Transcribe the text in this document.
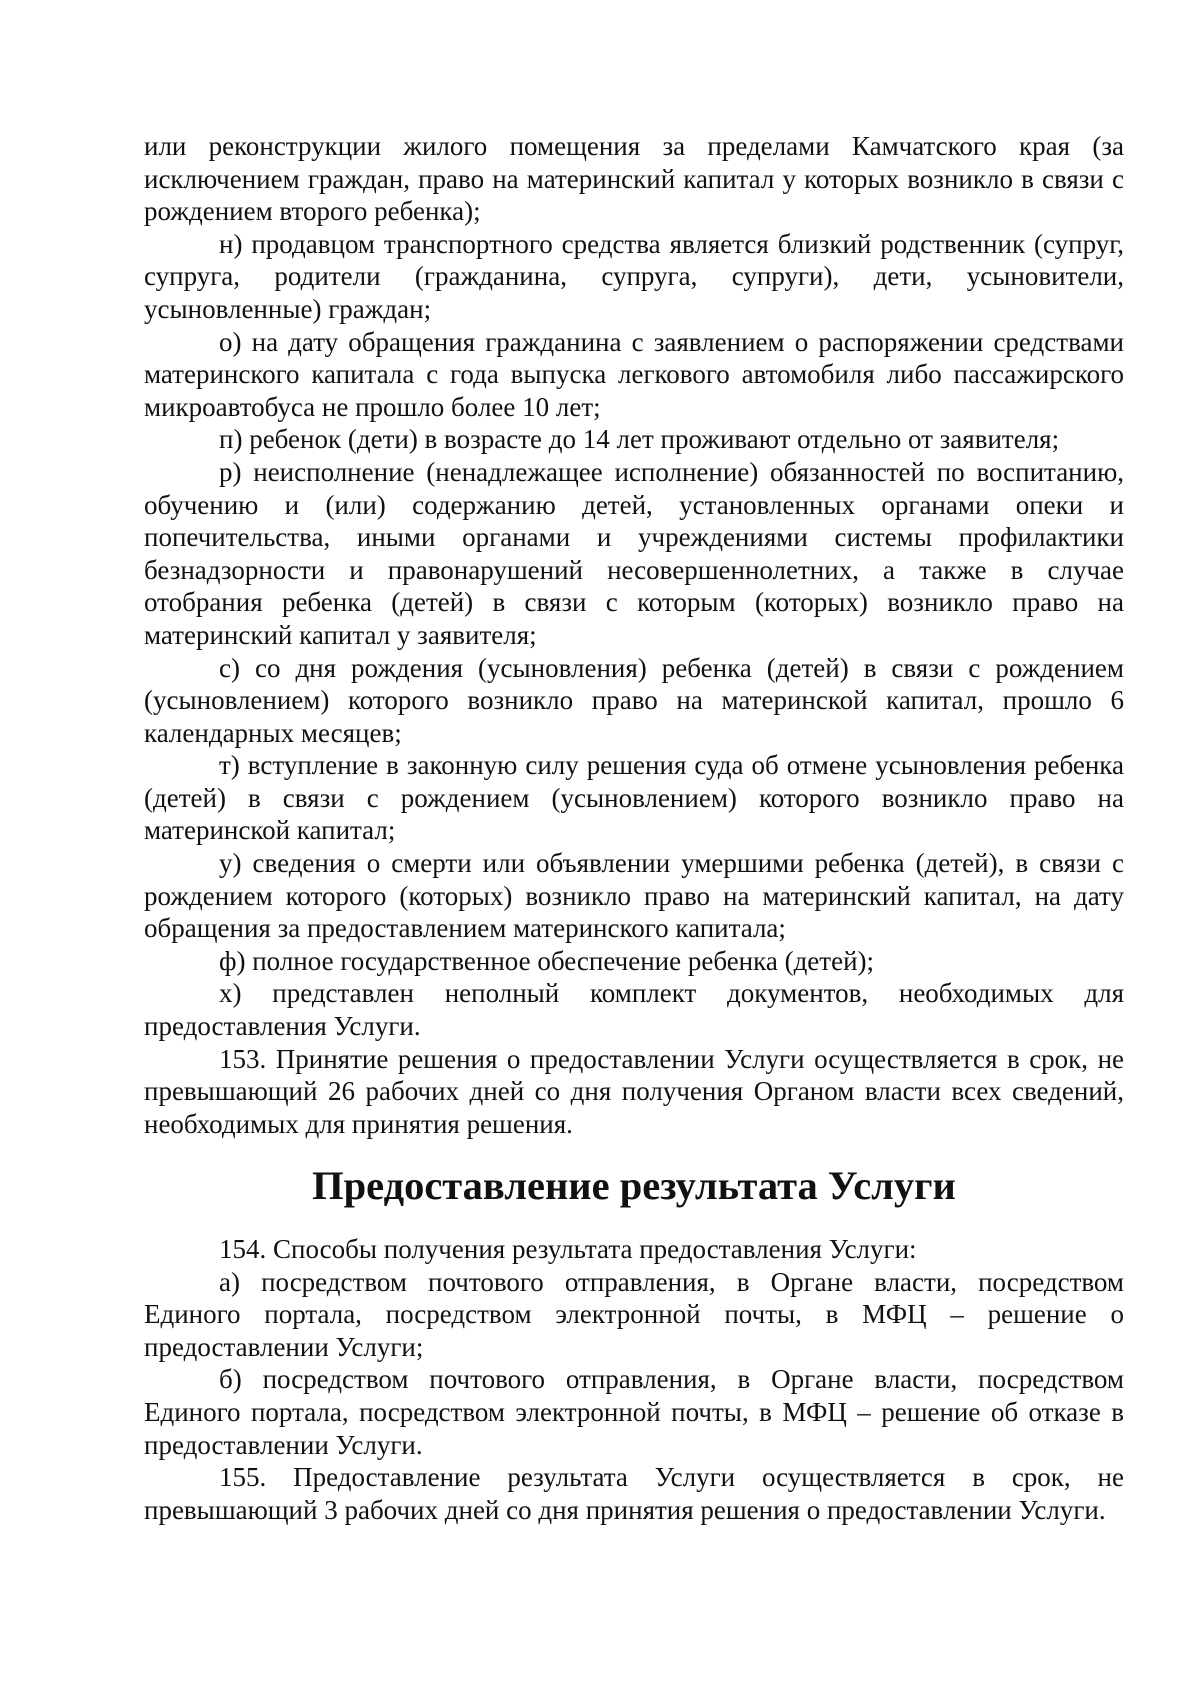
или реконструкции жилого помещения за пределами Камчатского края (за исключением граждан, право на материнский капитал у которых возникло в связи с рождением второго ребенка);

н) продавцом транспортного средства является близкий родственник (супруг, супруга, родители (гражданина, супруга, супруги), дети, усыновители, усыновленные) граждан;

о) на дату обращения гражданина с заявлением о распоряжении средствами материнского капитала с года выпуска легкового автомобиля либо пассажирского микроавтобуса не прошло более 10 лет;

п) ребенок (дети) в возрасте до 14 лет проживают отдельно от заявителя;

р) неисполнение (ненадлежащее исполнение) обязанностей по воспитанию, обучению и (или) содержанию детей, установленных органами опеки и попечительства, иными органами и учреждениями системы профилактики безнадзорности и правонарушений несовершеннолетних, а также в случае отобрания ребенка (детей) в связи с которым (которых) возникло право на материнский капитал у заявителя;

с) со дня рождения (усыновления) ребенка (детей) в связи с рождением (усыновлением) которого возникло право на материнской капитал, прошло 6 календарных месяцев;

т) вступление в законную силу решения суда об отмене усыновления ребенка (детей) в связи с рождением (усыновлением) которого возникло право на материнской капитал;

у) сведения о смерти или объявлении умершими ребенка (детей), в связи с рождением которого (которых) возникло право на материнский капитал, на дату обращения за предоставлением материнского капитала;

ф) полное государственное обеспечение ребенка (детей);

х) представлен неполный комплект документов, необходимых для предоставления Услуги.

153. Принятие решения о предоставлении Услуги осуществляется в срок, не превышающий 26 рабочих дней со дня получения Органом власти всех сведений, необходимых для принятия решения.

Предоставление результата Услуги

154. Способы получения результата предоставления Услуги:

а) посредством почтового отправления, в Органе власти, посредством Единого портала, посредством электронной почты, в МФЦ – решение о предоставлении Услуги;

б) посредством почтового отправления, в Органе власти, посредством Единого портала, посредством электронной почты, в МФЦ – решение об отказе в предоставлении Услуги.

155. Предоставление результата Услуги осуществляется в срок, не превышающий 3 рабочих дней со дня принятия решения о предоставлении Услуги.
